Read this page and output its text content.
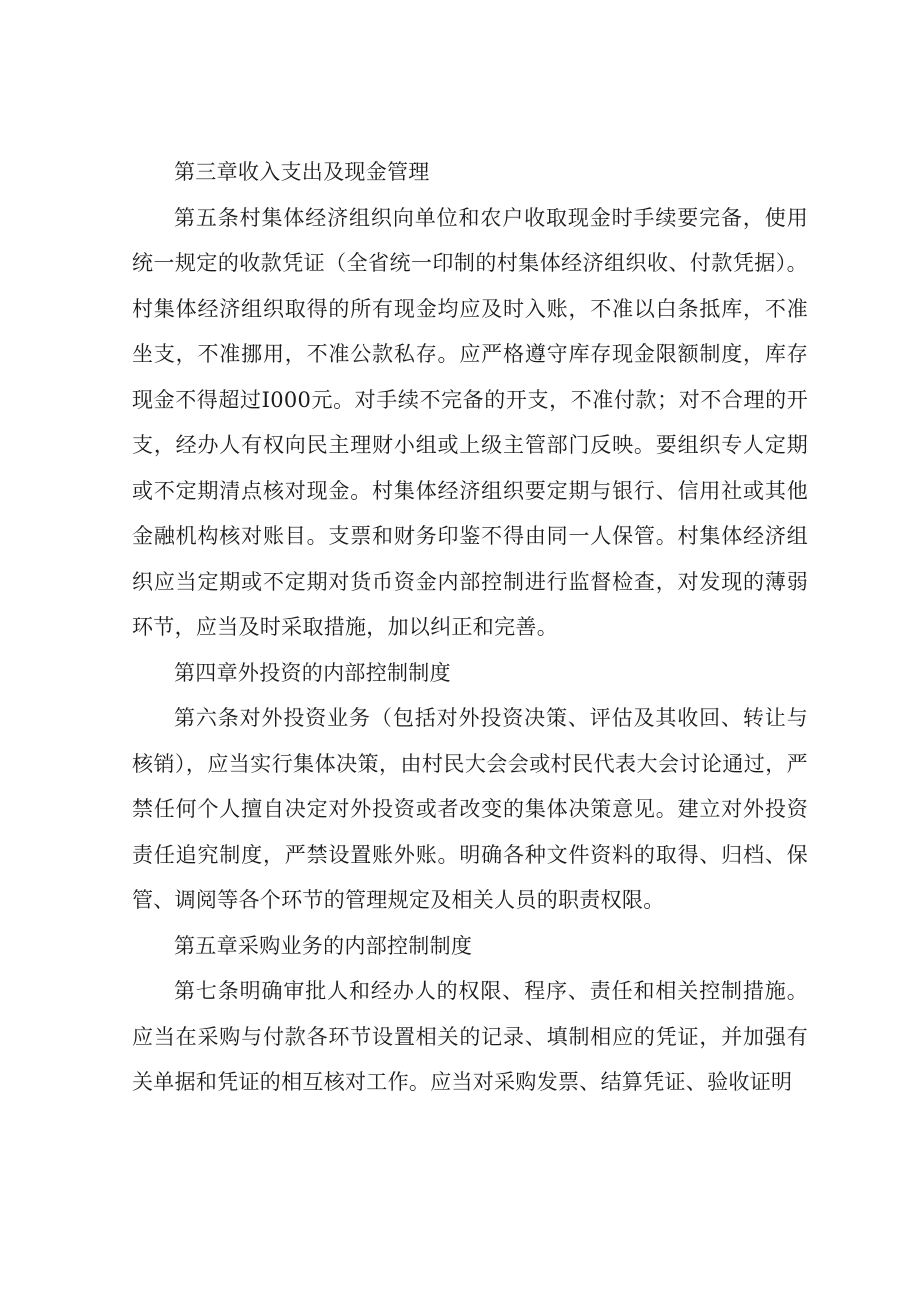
第三章收入支出及现金管理

第五条村集体经济组织向单位和农户收取现金时手续要完备，使用统一规定的收款凭证（全省统一印制的村集体经济组织收、付款凭据）。村集体经济组织取得的所有现金均应及时入账，不准以白条抵库，不准坐支，不准挪用，不准公款私存。应严格遵守库存现金限额制度，库存现金不得超过I000元。对手续不完备的开支，不准付款；对不合理的开支，经办人有权向民主理财小组或上级主管部门反映。要组织专人定期或不定期清点核对现金。村集体经济组织要定期与银行、信用社或其他金融机构核对账目。支票和财务印鉴不得由同一人保管。村集体经济组织应当定期或不定期对货币资金内部控制进行监督检查，对发现的薄弱环节，应当及时采取措施，加以纠正和完善。

第四章外投资的内部控制制度

第六条对外投资业务（包括对外投资决策、评估及其收回、转让与核销），应当实行集体决策，由村民大会会或村民代表大会讨论通过，严禁任何个人擅自决定对外投资或者改变的集体决策意见。建立对外投资责任追究制度，严禁设置账外账。明确各种文件资料的取得、归档、保管、调阅等各个环节的管理规定及相关人员的职责权限。

第五章采购业务的内部控制制度

第七条明确审批人和经办人的权限、程序、责任和相关控制措施。应当在采购与付款各环节设置相关的记录、填制相应的凭证，并加强有关单据和凭证的相互核对工作。应当对采购发票、结算凭证、验收证明
